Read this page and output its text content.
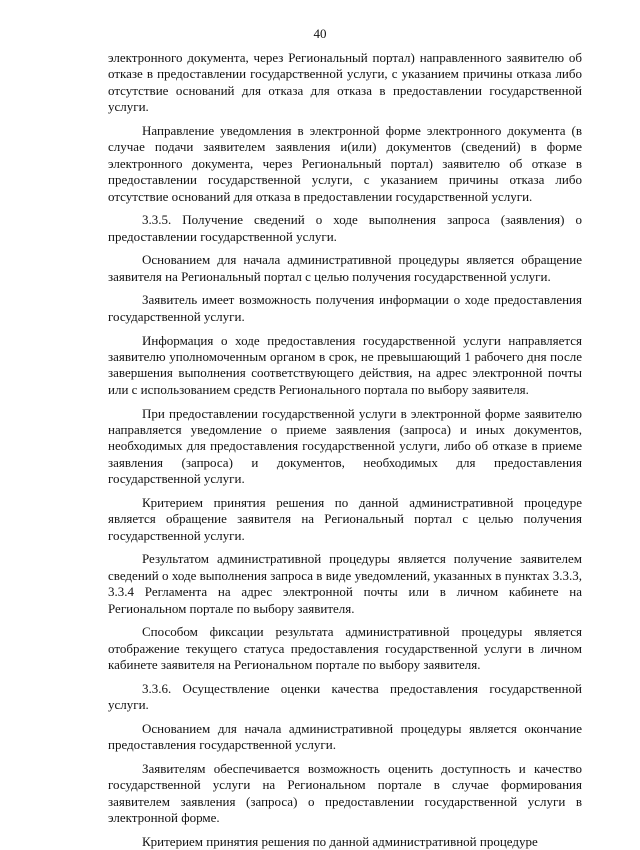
40

электронного документа, через Региональный портал) направленного заявителю об отказе в предоставлении государственной услуги, с указанием причины отказа либо отсутствие оснований для отказа для отказа в предоставлении государственной услуги.

Направление уведомления в электронной форме электронного документа (в случае подачи заявителем заявления и(или) документов (сведений) в форме электронного документа, через Региональный портал) заявителю об отказе в предоставлении государственной услуги, с указанием причины отказа либо отсутствие оснований для отказа в предоставлении государственной услуги.

3.3.5. Получение сведений о ходе выполнения запроса (заявления) о предоставлении государственной услуги.

Основанием для начала административной процедуры является обращение заявителя на Региональный портал с целью получения государственной услуги.

Заявитель имеет возможность получения информации о ходе предоставления государственной услуги.

Информация о ходе предоставления государственной услуги направляется заявителю уполномоченным органом в срок, не превышающий 1 рабочего дня после завершения выполнения соответствующего действия, на адрес электронной почты или с использованием средств Регионального портала по выбору заявителя.

При предоставлении государственной услуги в электронной форме заявителю направляется уведомление о приеме заявления (запроса) и иных документов, необходимых для предоставления государственной услуги, либо об отказе в приеме заявления (запроса) и документов, необходимых для предоставления государственной услуги.

Критерием принятия решения по данной административной процедуре является обращение заявителя на Региональный портал с целью получения государственной услуги.

Результатом административной процедуры является получение заявителем сведений о ходе выполнения запроса в виде уведомлений, указанных в пунктах 3.3.3, 3.3.4 Регламента на адрес электронной почты или в личном кабинете на Региональном портале по выбору заявителя.

Способом фиксации результата административной процедуры является отображение текущего статуса предоставления государственной услуги в личном кабинете заявителя на Региональном портале по выбору заявителя.

3.3.6. Осуществление оценки качества предоставления государственной услуги.

Основанием для начала административной процедуры является окончание предоставления государственной услуги.

Заявителям обеспечивается возможность оценить доступность и качество государственной услуги на Региональном портале в случае формирования заявителем заявления (запроса) о предоставлении государственной услуги в электронной форме.

Критерием принятия решения по данной административной процедуре
